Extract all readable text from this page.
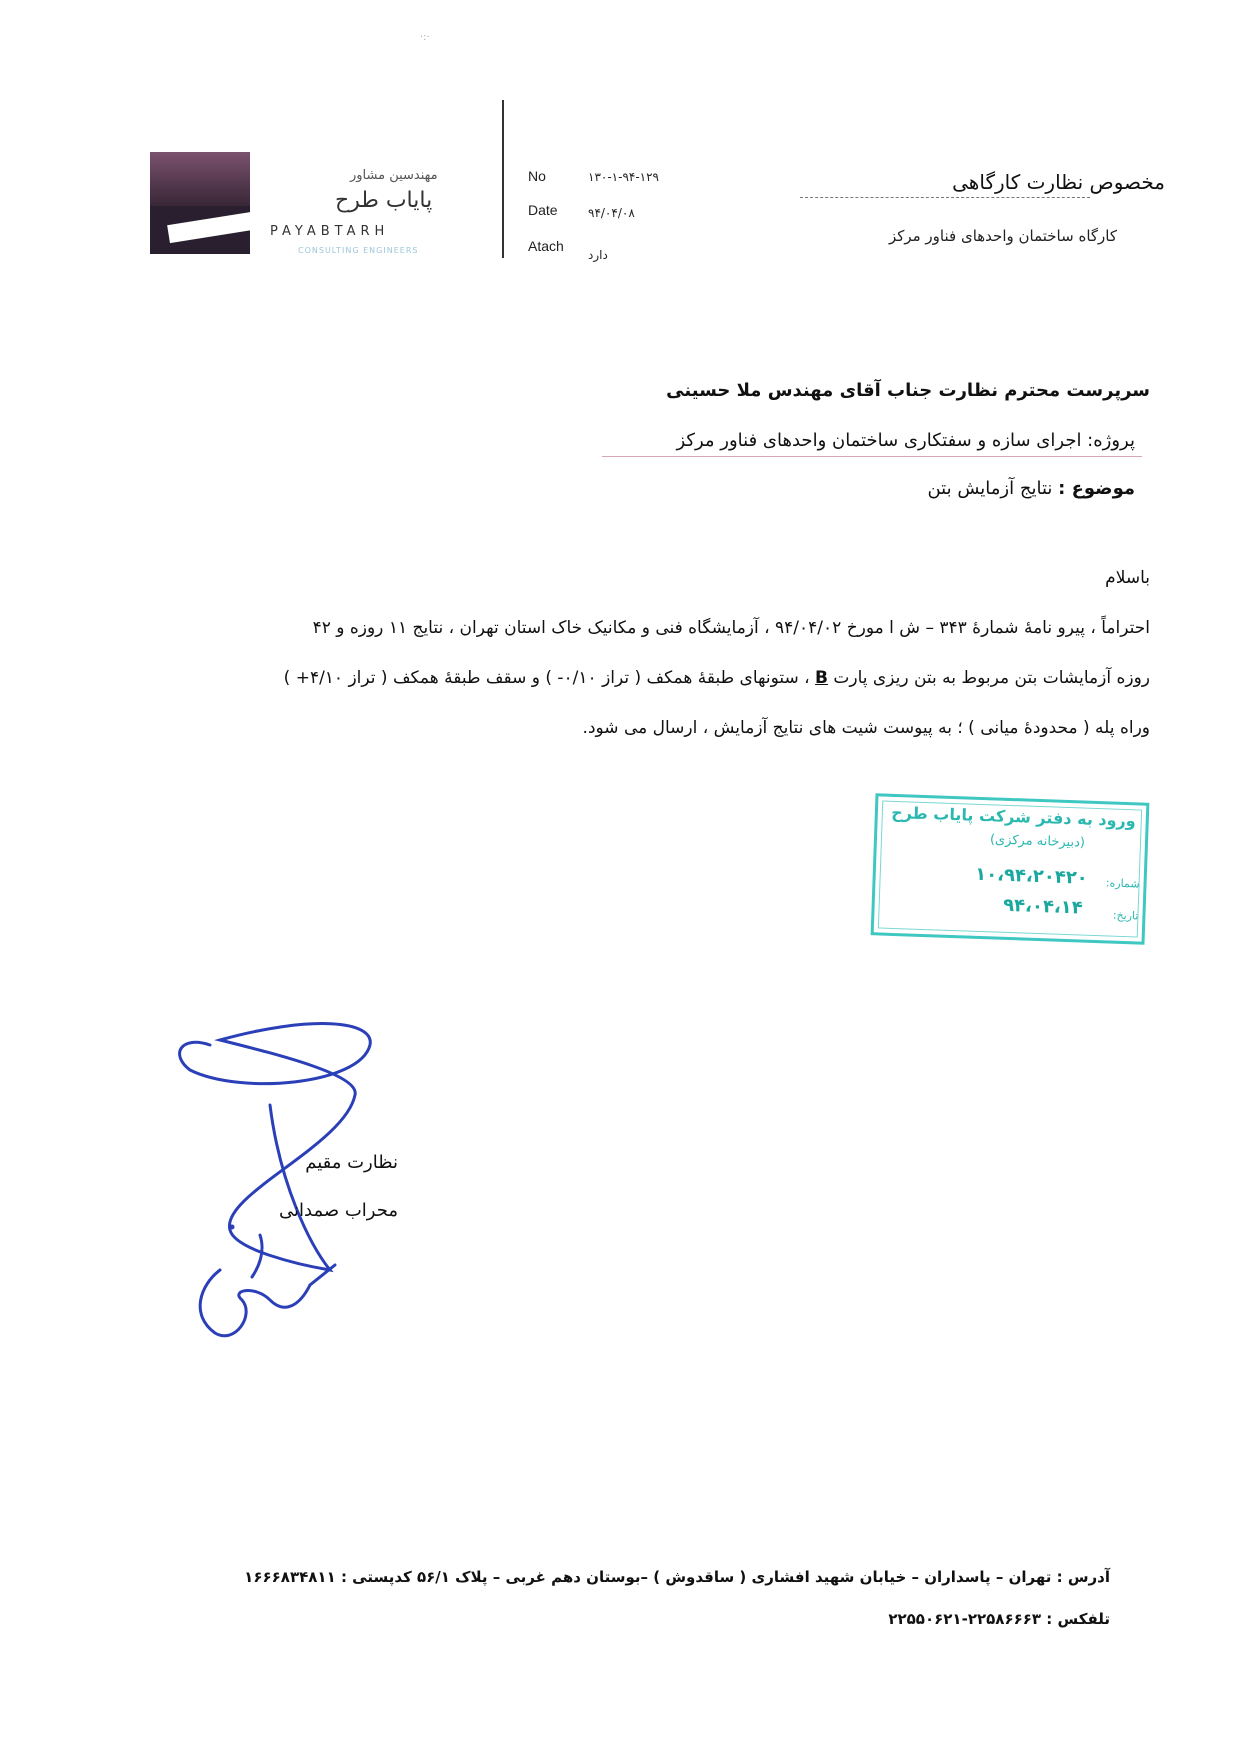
·:·
مهندسین مشاور
پایاب طرح
PAYABTARH
CONSULTING ENGINEERS
No	۱۳۰-۱-۹۴-۱۲۹
Date	۹۴/۰۴/۰۸
Atach
دارد
مخصوص نظارت کارگاهی
کارگاه ساختمان واحدهای فناور مرکز
سرپرست محترم نظارت جناب آقای مهندس ملا حسینی
پروژه: اجرای سازه و سفتکاری ساختمان واحدهای فناور مرکز
موضوع : نتایج آزمایش بتن
باسلام
احتراماً ، پیرو نامۀ شمارۀ ۳۴۳ – ش ا مورخ ۹۴/۰۴/۰۲ ، آزمایشگاه فنی و مکانیک خاک استان تهران ، نتایج ۱۱ روزه و ۴۲
روزه آزمایشات بتن مربوط به بتن ریزی پارت B ، ستونهای طبقۀ همکف ( تراز ۰/۱۰- ) و سقف طبقۀ همکف ( تراز ۴/۱۰+ )
وراه پله ( محدودۀ میانی ) ؛ به پیوست شیت های نتایج آزمایش ، ارسال می شود.
ورود به دفتر شرکت پایاب طرح
(دبیرخانه مرکزی)
شماره:
۱۰،۹۴،۲۰۴۲۰
تاریخ:
۹۴،۰۴،۱۴
نظارت مقیم
محراب صمدانی
آدرس : تهران – پاسداران – خیابان شهید افشاری ( ساقدوش ) –بوستان دهم غربی – پلاک ۵۶/۱ کدپستی : ۱۶۶۶۸۳۴۸۱۱
تلفکس : ۲۲۵۸۶۶۶۳-۲۲۵۵۰۶۲۱
